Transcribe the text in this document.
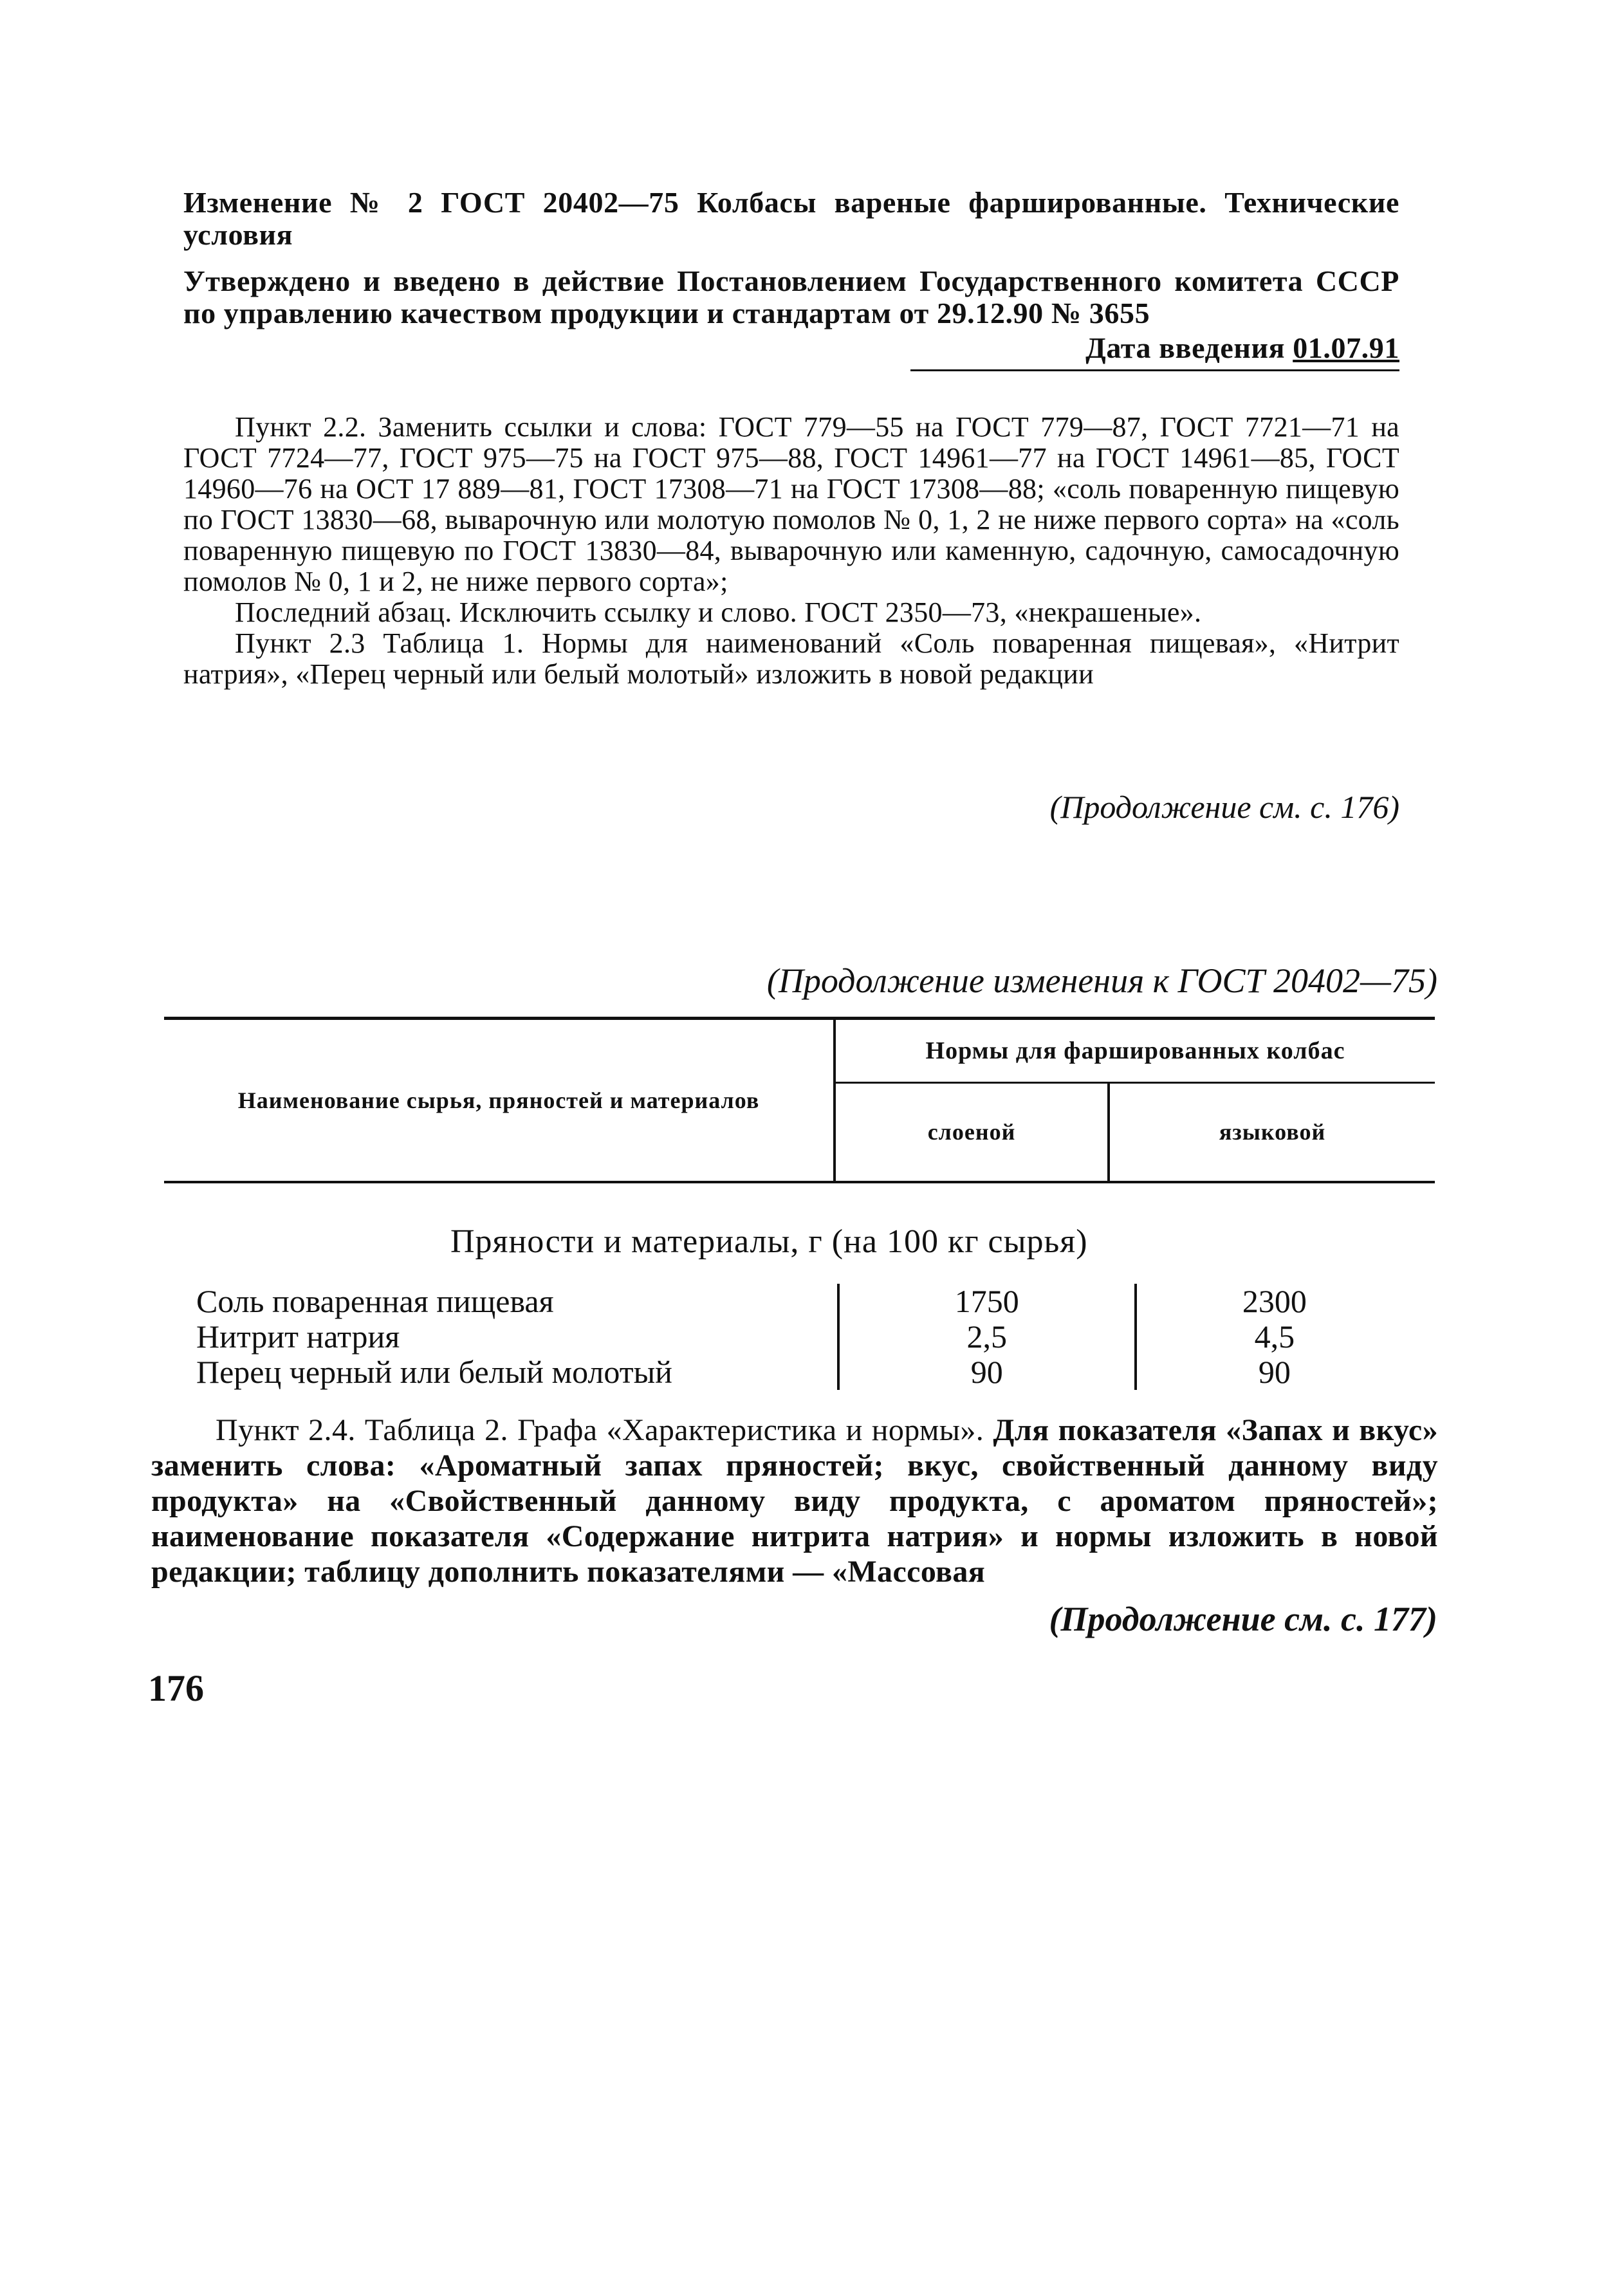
Изменение № 2 ГОСТ 20402—75 Колбасы вареные фаршированные. Технические условия
Утверждено и введено в действие Постановлением Государственного комитета СССР по управлению качеством продукции и стандартам от 29.12.90 № 3655
Дата введения 01.07.91

Пункт 2.2. Заменить ссылки и слова: ГОСТ 779—55 на ГОСТ 779—87, ГОСТ 7721—71 на ГОСТ 7724—77, ГОСТ 975—75 на ГОСТ 975—88, ГОСТ 14961—77 на ГОСТ 14961—85, ГОСТ 14960—76 на ОСТ 17 889—81, ГОСТ 17308—71 на ГОСТ 17308—88; «соль поваренную пищевую по ГОСТ 13830—68, выварочную или молотую помолов № 0, 1, 2 не ниже первого сорта» на «соль поваренную пищевую по ГОСТ 13830—84, выварочную или каменную, садочную, самосадочную помолов № 0, 1 и 2, не ниже первого сорта»;

Последний абзац. Исключить ссылку и слово. ГОСТ 2350—73, «некрашеные».

Пункт 2.3 Таблица 1. Нормы для наименований «Соль поваренная пищевая», «Нитрит натрия», «Перец черный или белый молотый» изложить в новой редакции

(Продолжение см. с. 176)
(Продолжение изменения к ГОСТ 20402—75)
Наименование сырья, пряностей и материалов	Нормы для фаршированных колбас	
	слоеной	языковой

Пряности и материалы, г (на 100 кг сырья)
Соль поваренная пищевая	1750	2300
Нитрит натрия	2,5	4,5
Перец черный или белый молотый	90	90

Пункт 2.4. Таблица 2. Графа «Характеристика и нормы». Для показателя «Запах и вкус» заменить слова: «Ароматный запах пряностей; вкус, свойственный данному виду продукта» на «Свойственный данному виду продукта, с ароматом пряностей»; наименование показателя «Содержание нитрита натрия» и нормы изложить в новой редакции; таблицу дополнить показателями — «Массовая

(Продолжение см. с. 177)
176
